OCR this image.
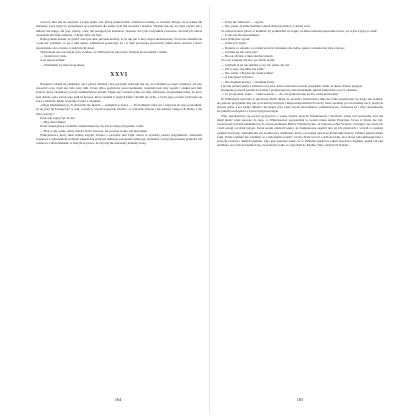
wszyscy inni szli się sposzyń, a Ligia jedna, ona, której pokrzywdził, czasem na rzeźnię, to również dlatego, że ta nauka tak nakazuje. Lecz myśl ta, przejmująca go podziwem dla nauki, była mu zarazem i przykra. Wydało mu się, że Ligia czynić tak z miłości dla niego, dla jego twarzy, oczu, dla posągowych kształtów, słowem, dla tych wszystkich powodów, dla których nieraz obwiążała mu białe ramiona, i chciał, żeby tak było.

Naglą jednak poznał, że gdyby ona była taka, jak inne kobiety, to by mu już w niej czegoś niedostawało. Wówczas zdumiał się i sam nie wiedział, co się z nim dzieje, zdumiewał spostrzegł, że i w nim poczynają powstawać jakieś nowe uczucia i nowe upodobania, obce światu, w którym żył dotąd.

Tymczasem ona otworzyła oczy i widząc, że Winicjusz na nią patrzy, zbliżyła się ku niemu i rzekła:

— Jestem przy tobie.

A on odpowiedział:

— Widziałem we śnie twoją duszę.

XXVI

Nazajutrz ocknął się osłabiony, ale z głową chłodną i bez gorączki. Zdawało mu się, że rozbudził go szept rozmowy, ale gdy otworzył oczy, Ligii nie było przy nim. Ursus tylko pochylony przed kominem, rozgrzebywał siwy popiół i szukał pod nim żarzów, które znalazłszy począł rozdmuchiwać ustami. Zajęło się i światło padło na izbę. Winicjusz przypomniał sobie, że nocy spał dobrze, jeno wzrok jego padł na Kryspa, który siedział w nogach łóżka i modlił się cicho, a twarz jego od żaru wydawała się stara i znużona, mimo wszystko trwała w zadumie.

„Oboje Mediomatrycy, że mi każdy nie mówił — pomyślał w duszy. — Na Polluksa! żeby też i Ligiowie do tego poszedłem, bo jej przy nich mogę być w tym, a może w swych pokojach, słuchać, co wszystko mówią i tak znaleźć całego ich ducha, a nie tylko wyrazy.”

Ursus tak zajęty był, że nie:

— Hej, niewolniku!

Ursus stanął głową z komina i uśmiechnąwszy się zaś do niego przyjaźnie, rzekł:

— Bóg ci daj, panie, dobry dzień i dobre zdrowie, ale ja sobie wolny, nie niewolnik.

Winicjuszowi, który miał ochotę zapytać Ursusa o ojczyznę ręki Ligii, słowa te sprawiły pewną przyjemność, albowiem rozmowa z człowiekiem wolnym, jakkolwiek prostym, mniejszą przynosiła ujmę jego rzymskiej i patrycjuszowskiej godności niż rozmowa z niewolnikiem, w którym ni prawo, ni obyczaj nie uznawały ludzkiej istoty.

164

— Tożty nie Aulusów? — spytał.

— Nie, panie. Ja służę Kallinie, jakom służył jej matce, z dobrej woli.

To schował znów głowę w kominie, by podmuchać na węgle, na które nanosił poprzednio drzew, po czym wyjął ją i rzekł:

— U nas nie ma niewolników.

Lecz Winicjusz spytał:

— Gdzie jest Ligia?

— Dopiero co odeszła, a ja mam uwarzyć śniadanie dla ciebie, panie. Czuwała nad tobą całą noc.

— Czemuś jej nie wyręczył?

— Bo tak chciała, a mnie słuchać należy.

Tu oczy zasępiły mu się i po chwili dodał:

— Gdybym ja jej nie słuchał, to by tak, panie, nie żył.

— Żal ci tego, żeś mnie nie zabił?

— Nie, panie. Chrystus nie kazał zabijać.

— A Atacynus? A Kroto?

— Nie mogłem inaczej — mruknął Ursus.

I począł patrzeć jakby z żalem na swe ręce, które widocznie zostały pogańskie, mimo iż dusza chrzest przyjęła.

Następnie postawił garnek na trzonie i przykucnąwszy przed kominem, utkwił zamyślone oczy w płomień.

— To twoja wina, panie — rzekł wreszcie — Po coś podnosił rękę na nią, córkę królewską?

W Winicjuszu zawrzała w pierwszej chwili duma, że prostak i barbarzyńca śmie nie tylko przemawiać do niego tak poufale, ale jeszcze przyganiać mu. Do tych niezwyczajnych i nieprawdopodobnych rzeczy, które spotkały go od ostatniej nocy, przybyła jeszcze jedna. Lecz będąc słabym i nie mając przy sobie swych niewolników, pohamował się, zwłaszcza że i chęć dowiedzenia się jakichś szczegółów z życia Ligii przeważyła.

Więc uspokoiwszy się począł wypytywać o wojnę Ligiów przeciw Wanniuszowi i Swebom. Ursus rad opowiadał, lecz nie mógł dodać wiele nowego do tego, co Winicjuszowi opowiedział w swoim czasie Aulus Plaucjusz. Ursus w bitwie nie był, towarzyszył bowiem zakładniczce do obozu Atelliusza Histra. Wiedział tylko, że Ligowie pobili Swebów i Jazygów, ale wódz ich i król poległ od strzał jazyga. Zaraz potem odebrali wieści, że Semnonowie zapalili lasy na ich granicach, i wrócili co prędzej pomścić krzywdę, zakładniczka zaś została przy Atelliuszu, który z początku dawał jej królewskie honory. Później zmarła matka Ligii. Wódz rzymski nie wiedział, co z dzieckiem uczynić. Ursus chciał wracać z nim do kraju, lecz droga była niebezpieczna z powodu zwierza i dzikich plemion, więc gdy nadeszła wieść, że w Pannonii przebywa jakieś poselstwo ligijskie, posłał ich tam Atelliusz, lecz tam dowiedzieli się, że posłowie tylko co wyjechali do Rzymu. Więc ruszyli ich śladem...

165
